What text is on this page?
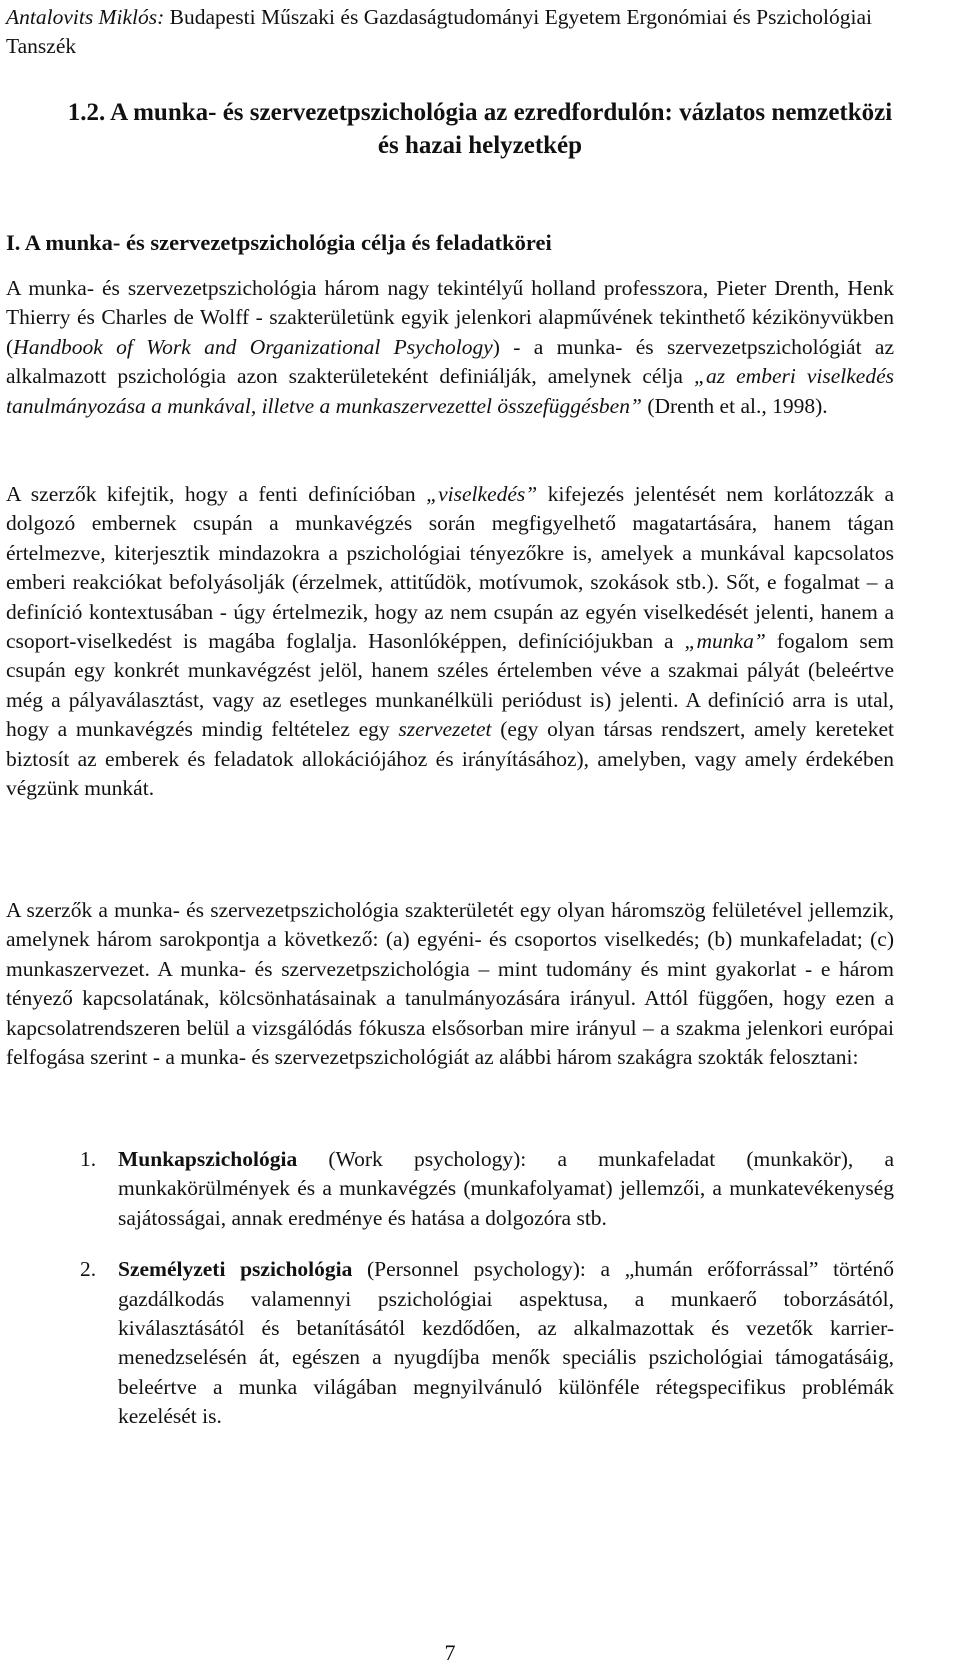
Antalovits Miklós: Budapesti Műszaki és Gazdaságtudományi Egyetem Ergonómiai és Pszichológiai Tanszék
1.2. A munka- és szervezetpszichológia az ezredfordulón: vázlatos nemzetközi és hazai helyzetkép
I. A munka- és szervezetpszichológia célja és feladatkörei
A munka- és szervezetpszichológia három nagy tekintélyű holland professzora, Pieter Drenth, Henk Thierry és Charles de Wolff - szakterületünk egyik jelenkori alapművének tekinthető kézikönyvükben (Handbook of Work and Organizational Psychology) - a munka- és szervezetpszichológiát az alkalmazott pszichológia azon szakterületeként definiálják, amelynek célja „az emberi viselkedés tanulmányozása a munkával, illetve a munkaszervezettel összefüggésben” (Drenth et al., 1998).
A szerzők kifejtik, hogy a fenti definícióban „viselkedés” kifejezés jelentését nem korlátozzák a dolgozó embernek csupán a munkavégzés során megfigyelhető magatartására, hanem tágan értelmezve, kiterjesztik mindazokra a pszichológiai tényezőkre is, amelyek a munkával kapcsolatos emberi reakciókat befolyásolják (érzelmek, attitűdök, motívumok, szokások stb.). Sőt, e fogalmat – a definíció kontextusában - úgy értelmezik, hogy az nem csupán az egyén viselkedését jelenti, hanem a csoport-viselkedést is magába foglalja. Hasonlóképpen, definíciójukban a „munka” fogalom sem csupán egy konkrét munkavégzést jelöl, hanem széles értelemben véve a szakmai pályát (beleértve még a pályaválasztást, vagy az esetleges munkanélküli periódust is) jelenti. A definíció arra is utal, hogy a munkavégzés mindig feltételez egy szervezetet (egy olyan társas rendszert, amely kereteket biztosít az emberek és feladatok allokációjához és irányításához), amelyben, vagy amely érdekében végzünk munkát.
A szerzők a munka- és szervezetpszichológia szakterületét egy olyan háromszög felületével jellemzik, amelynek három sarokpontja a következő: (a) egyéni- és csoportos viselkedés; (b) munkafeladat; (c) munkaszervezet. A munka- és szervezetpszichológia – mint tudomány és mint gyakorlat - e három tényező kapcsolatának, kölcsönhatásainak a tanulmányozására irányul. Attól függően, hogy ezen a kapcsolatrendszeren belül a vizsgálódás fókusza elsősorban mire irányul – a szakma jelenkori európai felfogása szerint - a munka- és szervezetpszichológiát az alábbi három szakágra szokták felosztani:
1. Munkapszichológia (Work psychology): a munkafeladat (munkakör), a munkakörülmények és a munkavégzés (munkafolyamat) jellemzői, a munkatevékenység sajátosságai, annak eredménye és hatása a dolgozóra stb.
2. Személyzeti pszichológia (Personnel psychology): a „humán erőforrással” történő gazdálkodás valamennyi pszichológiai aspektusa, a munkaerő toborzásától, kiválasztásától és betanításától kezdődően, az alkalmazottak és vezetők karrier-menedzselésén át, egészen a nyugdíjba menők speciális pszichológiai támogatásáig, beleértve a munka világában megnyilvánuló különféle rétegspecifikus problémák kezelését is.
7
